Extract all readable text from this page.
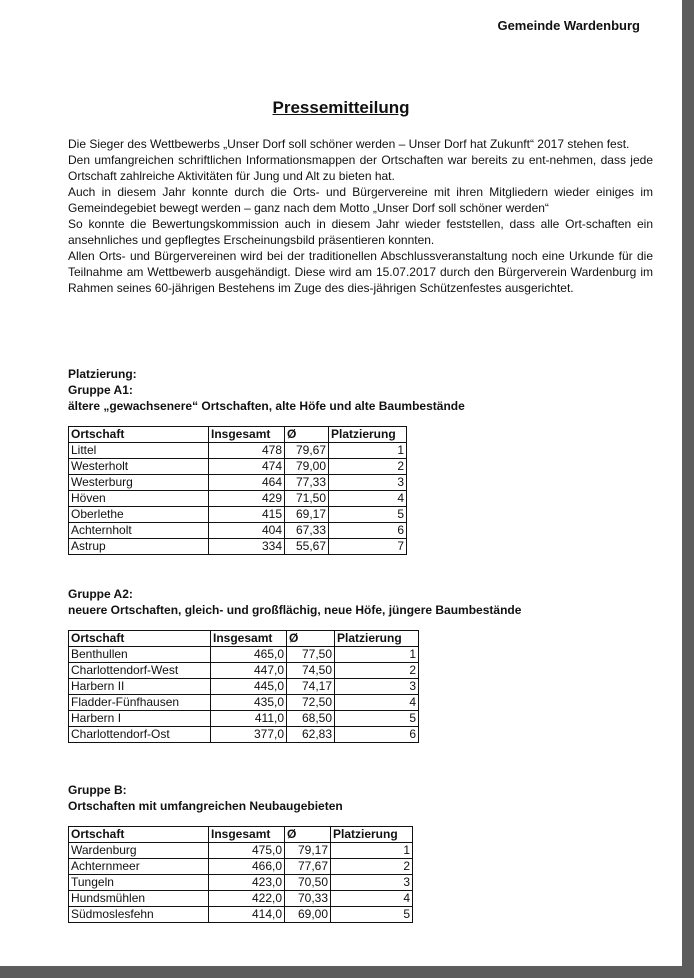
Gemeinde Wardenburg
Pressemitteilung

Die Sieger des Wettbewerbs „Unser Dorf soll schöner werden – Unser Dorf hat Zukunft“ 2017 stehen fest.

Den umfangreichen schriftlichen Informationsmappen der Ortschaften war bereits zu ent-nehmen, dass jede Ortschaft zahlreiche Aktivitäten für Jung und Alt zu bieten hat.

Auch in diesem Jahr konnte durch die Orts- und Bürgervereine mit ihren Mitgliedern wieder einiges im Gemeindegebiet bewegt werden – ganz nach dem Motto „Unser Dorf soll schöner werden“

So konnte die Bewertungskommission auch in diesem Jahr wieder feststellen, dass alle Ort-schaften ein ansehnliches und gepflegtes Erscheinungsbild präsentieren konnten.

Allen Orts- und Bürgervereinen wird bei der traditionellen Abschlussveranstaltung noch eine Urkunde für die Teilnahme am Wettbewerb ausgehändigt. Diese wird am 15.07.2017 durch den Bürgerverein Wardenburg im Rahmen seines 60-jährigen Bestehens im Zuge des dies-jährigen Schützenfestes ausgerichtet.

Platzierung:
Gruppe A1:
ältere „gewachsenere“ Ortschaften, alte Höfe und alte Baumbestände
Ortschaft	Insgesamt	Ø	Platzierung
Littel	478	79,67	1
Westerholt	474	79,00	2
Westerburg	464	77,33	3
Höven	429	71,50	4
Oberlethe	415	69,17	5
Achternholt	404	67,33	6
Astrup	334	55,67	7
Gruppe A2:
neuere Ortschaften, gleich- und großflächig, neue Höfe, jüngere Baumbestände
Ortschaft	Insgesamt	Ø	Platzierung
Benthullen	465,0	77,50	1
Charlottendorf-West	447,0	74,50	2
Harbern II	445,0	74,17	3
Fladder-Fünfhausen	435,0	72,50	4
Harbern I	411,0	68,50	5
Charlottendorf-Ost	377,0	62,83	6
Gruppe B:
Ortschaften mit umfangreichen Neubaugebieten
Ortschaft	Insgesamt	Ø	Platzierung
Wardenburg	475,0	79,17	1
Achternmeer	466,0	77,67	2
Tungeln	423,0	70,50	3
Hundsmühlen	422,0	70,33	4
Südmoslesfehn	414,0	69,00	5
